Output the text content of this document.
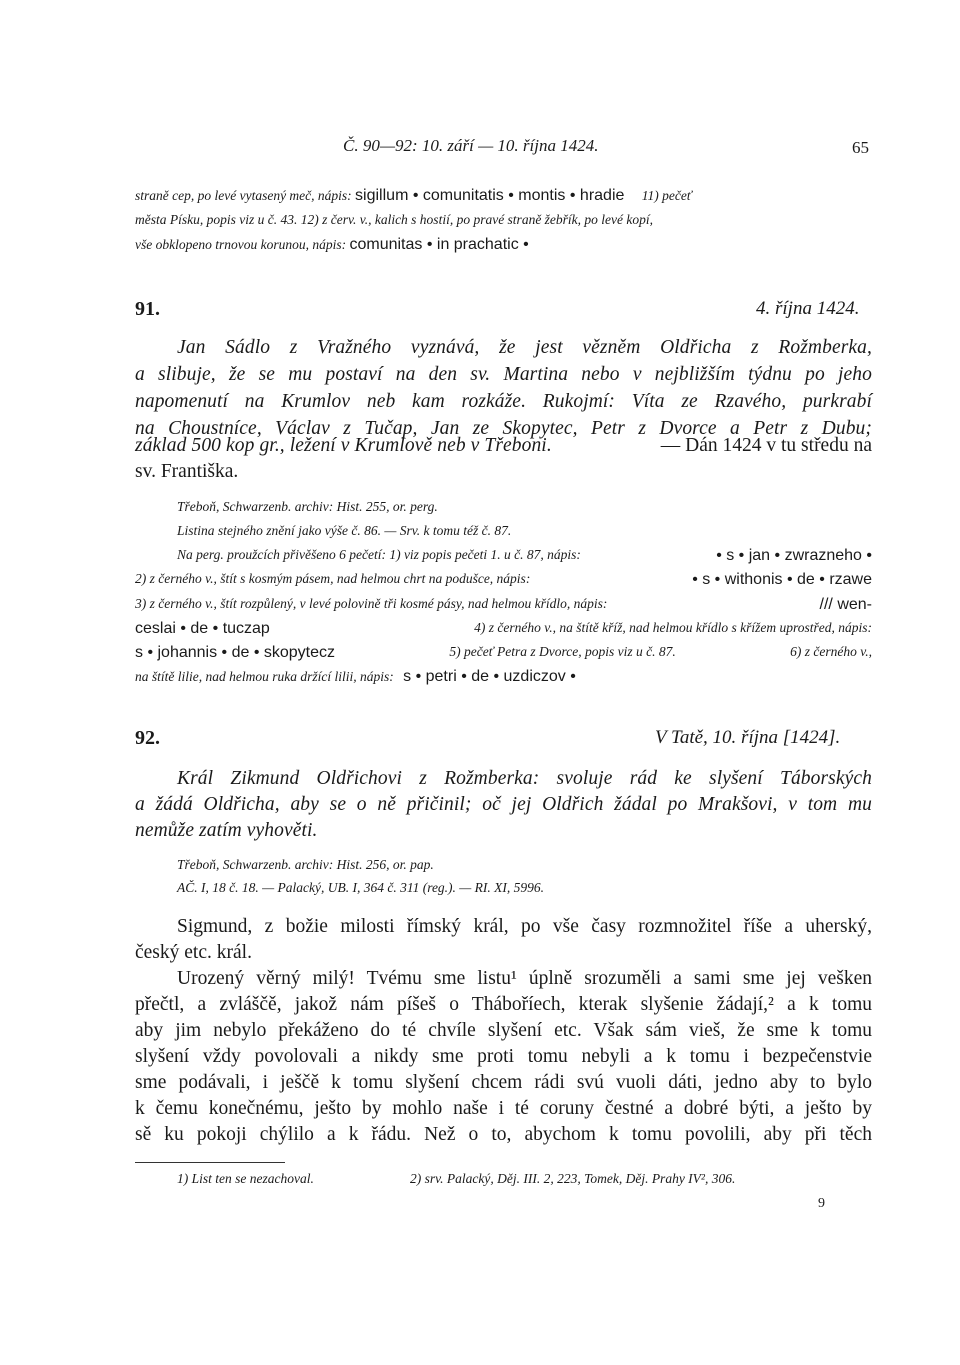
Č. 90—92: 10. září — 10. října 1424.	65
straně cep, po levé vytasený meč, nápis: sigillum • comunitatis • montis • hradie 11) pečeť
města Písku, popis viz u č. 43. 12) z červ. v., kalich s hostií, po pravé straně žebřík, po levé kopí,
vše obklopeno trnovou korunou, nápis: comunitas • in prachatic •
91.	4. října 1424.
Jan Sádlo z Vražného vyznává, že jest vězněm Oldřicha z Rožmberka,
a slibuje, že se mu postaví na den sv. Martina nebo v nejbližším týdnu po jeho
napomenutí na Krumlov neb kam rozkáže. Rukojmí: Víta ze Rzavého, purkrabí
na Choustníce, Václav z Tučap, Jan ze Skopytec, Petr z Dvorce a Petr z Dubu;
základ 500 kop gr., ležení v Krumlově neb v Třeboni.	— Dán 1424 v tu středu na
sv. Františka.
Třeboň, Schwarzenb. archiv: Hist. 255, or. perg.
Listina stejného znění jako výše č. 86. — Srv. k tomu též č. 87.
Na perg. proužcích přivěšeno 6 pečetí: 1) viz popis pečeti 1. u č. 87, nápis:	• s • jan • zwrazneho •
2) z černého v., štít s kosmým pásem, nad helmou chrt na podušce, nápis:	• s • withonis • de • rzawe
3) z černého v., štít rozpůlený, v levé polovině tři kosmé pásy, nad helmou křídlo, nápis:	/// wen-
ceslai • de • tuczap	4) z černého v., na štítě kříž, nad helmou křídlo s křížem uprostřed, nápis:
s • johannis • de • skopytecz	5) pečeť Petra z Dvorce, popis viz u č. 87.	6) z černého v.,
na štítě lilie, nad helmou ruka držící lilii, nápis: s • petri • de • uzdiczov •
92.	V Tatě, 10. října [1424].
Král Zikmund Oldřichovi z Rožmberka: svoluje rád ke slyšení Táborských
a žádá Oldřicha, aby se o ně přičinil; oč jej Oldřich žádal po Mrakšovi, v tom mu
nemůže zatím vyhověti.
Třeboň, Schwarzenb. archiv: Hist. 256, or. pap.
AČ. I, 18 č. 18. — Palacký, UB. I, 364 č. 311 (reg.). — RI. XI, 5996.
Sigmund, z božie milosti římský král, po vše časy rozmnožitel říše a uherský,
český etc. král.
Urozený věrný milý! Tvému sme listu¹ úplně srozuměli a sami sme jej vešken
přečtl, a zvláščě, jakož nám píšeš o Tháboříech, kterak slyšenie žádají,² a k tomu
aby jim nebylo překáženo do té chvíle slyšení etc. Však sám vieš, že sme k tomu
slyšení vždy povolovali a nikdy sme proti tomu nebyli a k tomu i bezpečenstvie
sme podávali, i ješčě k tomu slyšení chcem rádi svú vuoli dáti, jedno aby to bylo
k čemu konečnému, ješto by mohlo naše i té coruny čestné a dobré býti, a ješto by
sě ku pokoji chýlilo a k řádu. Než o to, abychom k tomu povolili, aby při těch
1) List ten se nezachoval.	2) srv. Palacký, Děj. III. 2, 223, Tomek, Děj. Prahy IV², 306.
9
